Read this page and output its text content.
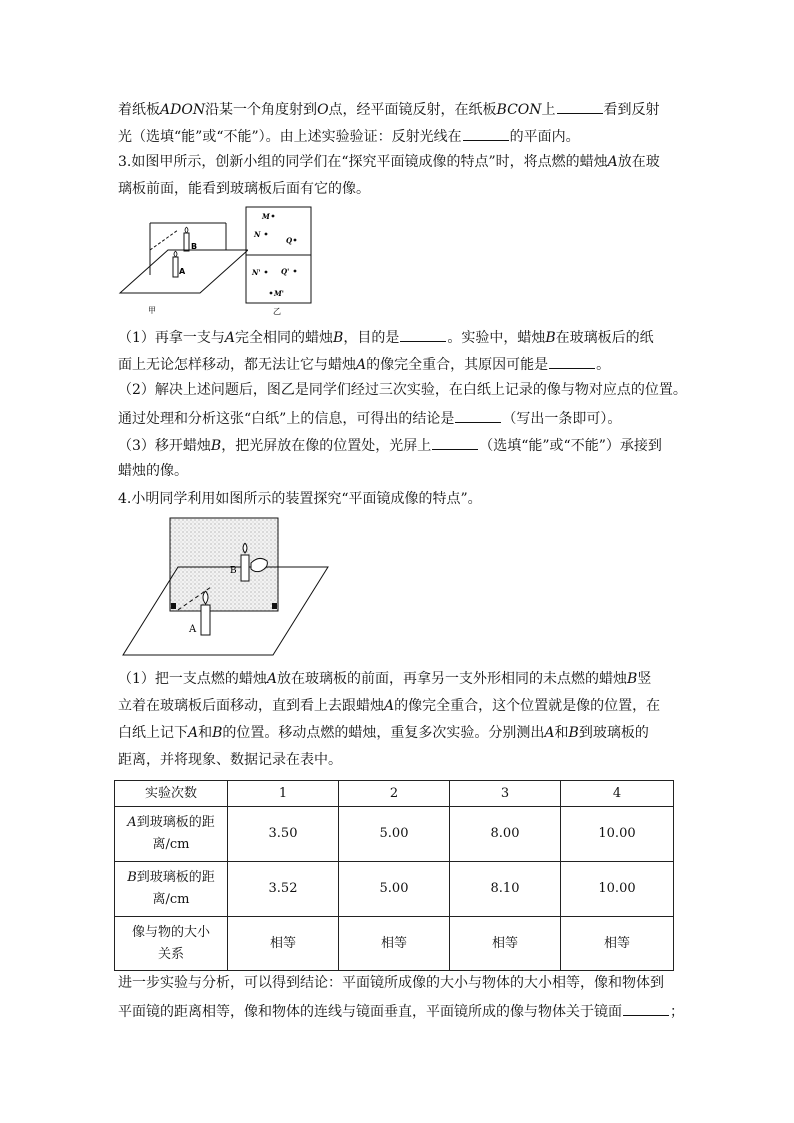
着纸板ADON沿某一个角度射到O点，经平面镜反射，在纸板BCON上	看到反射
光（选填“能”或“不能”）。由上述实验验证：反射光线在	的平面内。
3.如图甲所示，创新小组的同学们在“探究平面镜成像的特点”时，将点燃的蜡烛A放在玻
璃板前面，能看到玻璃板后面有它的像。
B
A
甲
M
N
Q
N'	Q'
M'
乙
（1）再拿一支与A完全相同的蜡烛B，目的是	。实验中，蜡烛B在玻璃板后的纸
面上无论怎样移动，都无法让它与蜡烛A的像完全重合，其原因可能是	。
（2）解决上述问题后，图乙是同学们经过三次实验，在白纸上记录的像与物对应点的位置。
通过处理和分析这张“白纸”上的信息，可得出的结论是	（写出一条即可）。
（3）移开蜡烛B，把光屏放在像的位置处，光屏上	（选填“能”或“不能”）承接到
蜡烛的像。
4.小明同学利用如图所示的装置探究“平面镜成像的特点”。
A
B
（1）把一支点燃的蜡烛A放在玻璃板的前面，再拿另一支外形相同的未点燃的蜡烛B竖
立着在玻璃板后面移动，直到看上去跟蜡烛A的像完全重合，这个位置就是像的位置，在
白纸上记下A和B的位置。移动点燃的蜡烛，重复多次实验。分别测出A和B到玻璃板的
距离，并将现象、数据记录在表中。
实验次数	1	2	3	4
A到玻璃板的距
离/cm	3.50	5.00	8.00	10.00
B到玻璃板的距
离/cm	3.52	5.00	8.10	10.00
像与物的大小
关系	相等	相等	相等	相等
进一步实验与分析，可以得到结论：平面镜所成像的大小与物体的大小相等，像和物体到
平面镜的距离相等，像和物体的连线与镜面垂直，平面镜所成的像与物体关于镜面	；
